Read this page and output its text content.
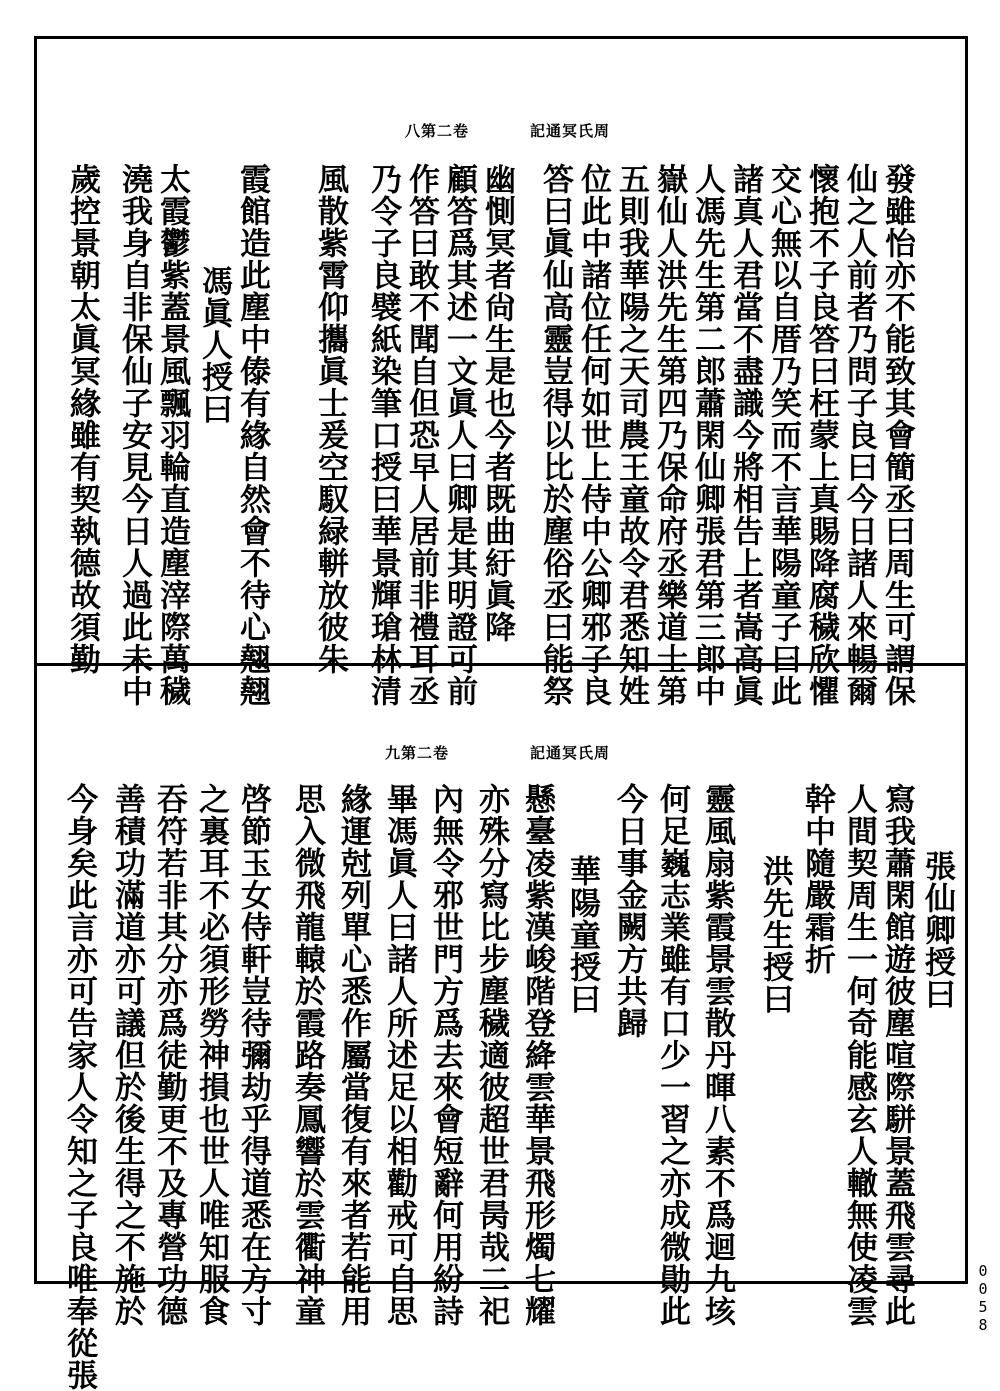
八第二卷	記通冥氏周
發雖怡亦不能致其會簡丞曰周生可謂保
仙之人前者乃問子良曰今日諸人來暢爾
懷抱不子良答曰枉蒙上真賜降腐穢欣懼
交心無以自厝乃笑而不言華陽童子曰此
諸真人君當不盡識今將相告上者嵩高眞
人馮先生第二郎蕭閑仙卿張君第三郎中
嶽仙人洪先生第四乃保命府丞樂道士第
五則我華陽之天司農王童故令君悉知姓
位此中諸位任何如世上侍中公卿邪子良
答曰眞仙高靈豈得以比於塵俗丞曰能祭
幽惻冥者尙生是也今者既曲紆眞降
顧答爲其述一文眞人曰卿是其明證可前
作答曰敢不聞自但恐早人居前非禮耳丞
乃令子良襞紙染筆口授曰華景輝瑲林清
風散紫霄仰攜眞士爰空馭緑軿放彼朱
霞館造此塵中傣有緣自然會不待心翹翹
馮眞人授曰
太霞鬱紫蓋景風飄羽輪直造塵滓際萬穢
澆我身自非保仙子安見今日人過此未中
歲控景朝太眞冥緣雖有契執德故須勤
九第二卷	記通冥氏周
張仙卿授曰
寫我蕭閑館遊彼塵喧際駢景蓋飛雲尋此
人間契周生一何奇能感玄人轍無使凌雲
幹中隨嚴霜折
洪先生授曰
靈風扇紫霞景雲散丹暉八素不爲迴九垓
何足巍志業雖有口少一習之亦成微勛此
今日事金闕方共歸
華陽童授曰
懸臺凌紫漢峻階登絳雲華景飛形燭七耀
亦殊分寫比步塵穢適彼超世君昺哉二祀
內無令邪世門方爲去來會短辭何用紛詩
畢馮眞人曰諸人所述足以相勸戒可自思
緣運尅列單心悉作屬當復有來者若能用
思入微飛龍轅於霞路奏鳳響於雲衢神童
啓節玉女侍軒豈待彌劫乎得道悉在方寸
之裏耳不必須形勞神損也世人唯知服食
吞符若非其分亦爲徒勤更不及專營功德
善積功滿道亦可議但於後生得之不施於
今身矣此言亦可告家人令知之子良唯奉從張	0058
